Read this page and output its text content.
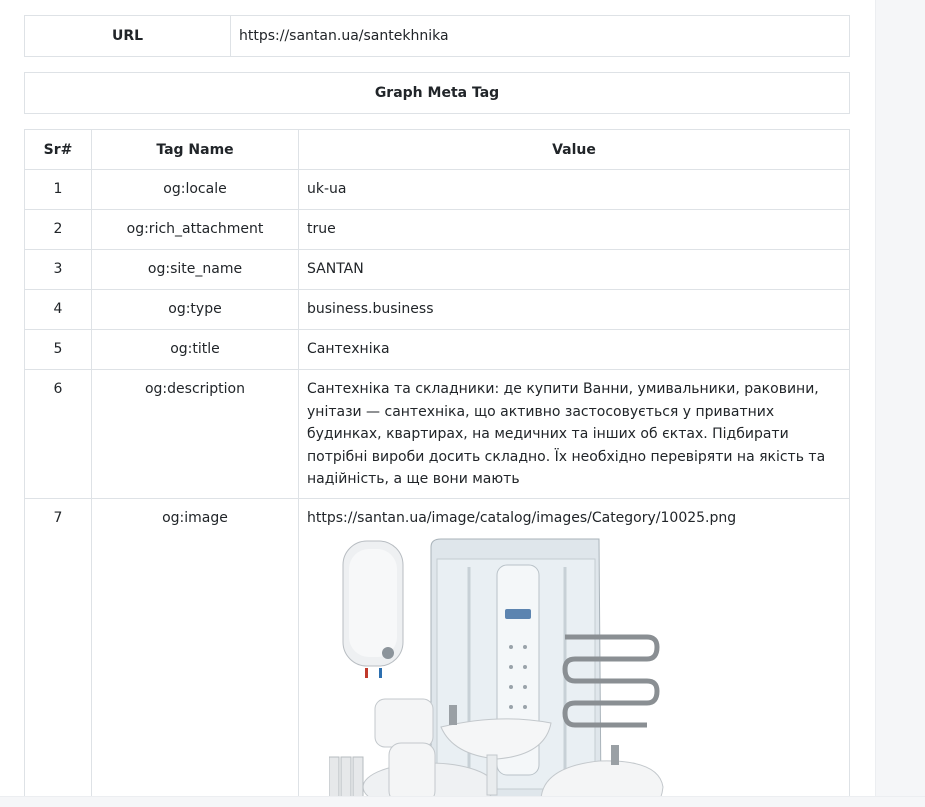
URL	https://santan.ua/santekhnika
Graph Meta Tag
Sr#	Tag Name	Value
1	og:locale	uk-ua
2	og:rich_attachment	true
3	og:site_name	SANTAN
4	og:type	business.business
5	og:title	Сантехніка
6	og:description	Сантехніка та складники: де купити Ванни, умивальники, раковини, унітази — сантехніка, що активно застосовується у приватних будинках, квартирах, на медичних та інших об єктах. Підбирати потрібні вироби досить складно. Їх необхідно перевіряти на якість та надійність, а ще вони мають
7	og:image	https://santan.ua/image/catalog/images/Category/10025.png
